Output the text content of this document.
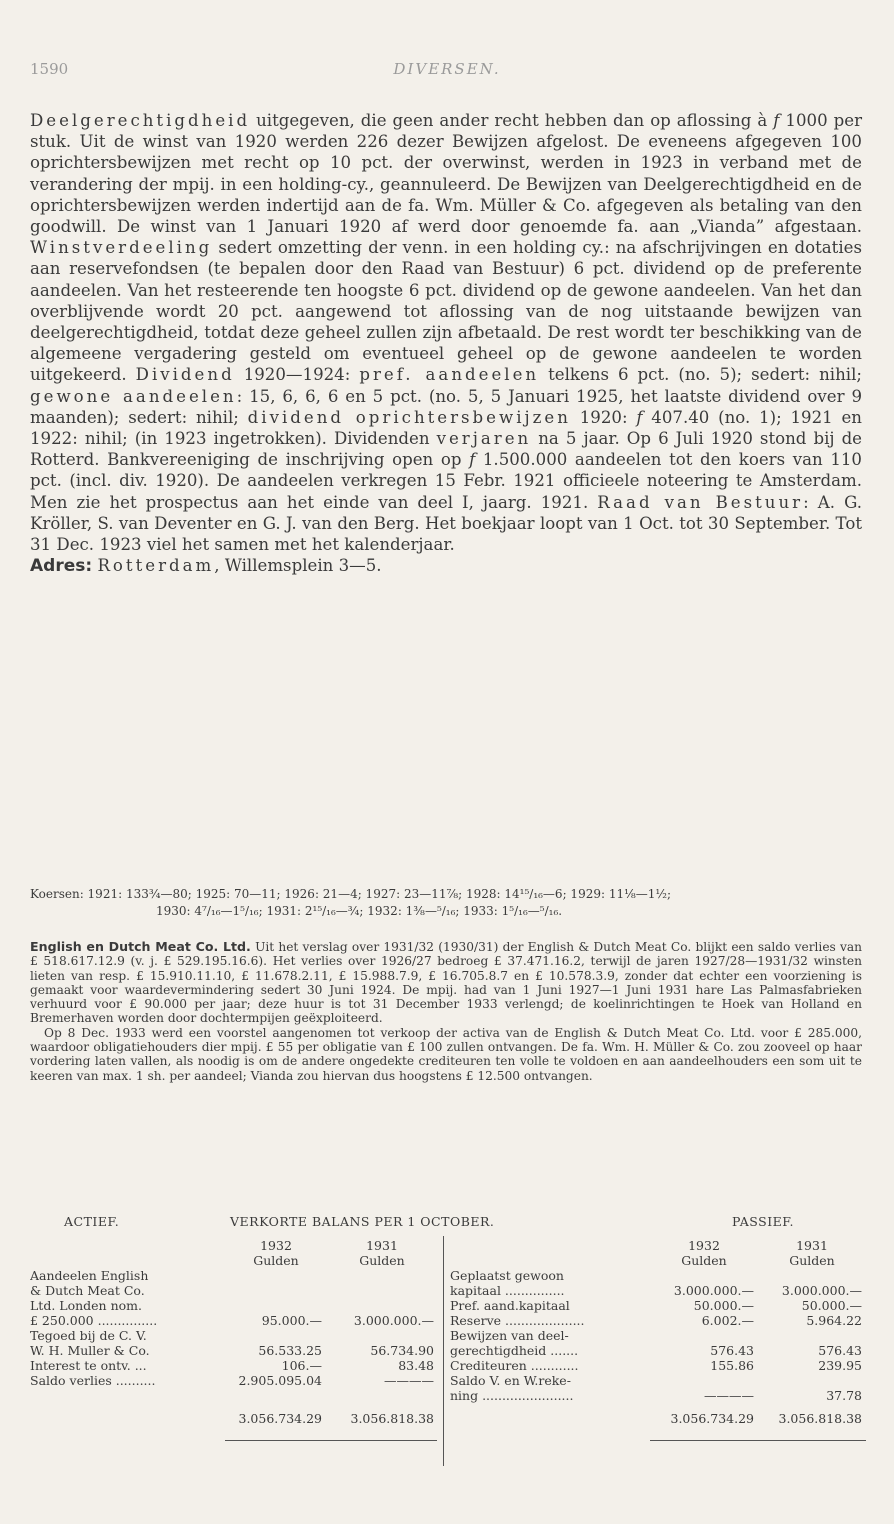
1590	DIVERSEN.

Deelgerechtigdheid uitgegeven, die geen ander recht hebben dan op aflossing à f 1000 per stuk. Uit de winst van 1920 werden 226 dezer Bewijzen afgelost. De eveneens afgegeven 100 oprichtersbewijzen met recht op 10 pct. der overwinst, werden in 1923 in verband met de verandering der mpij. in een holding-cy., geannuleerd. De Bewijzen van Deelgerechtigdheid en de oprichtersbewijzen werden indertijd aan de fa. Wm. Müller & Co. afgegeven als betaling van den goodwill. De winst van 1 Januari 1920 af werd door genoemde fa. aan „Vianda” afgestaan. Winstverdeeling sedert omzetting der venn. in een holding cy.: na afschrijvingen en dotaties aan reservefondsen (te bepalen door den Raad van Bestuur) 6 pct. dividend op de preferente aandeelen. Van het resteerende ten hoogste 6 pct. dividend op de gewone aandeelen. Van het dan overblijvende wordt 20 pct. aangewend tot aflossing van de nog uitstaande bewijzen van deelgerechtigdheid, totdat deze geheel zullen zijn afbetaald. De rest wordt ter beschikking van de algemeene vergadering gesteld om eventueel geheel op de gewone aandeelen te worden uitgekeerd. Dividend 1920—1924: pref. aandeelen telkens 6 pct. (no. 5); sedert: nihil; gewone aandeelen: 15, 6, 6, 6 en 5 pct. (no. 5, 5 Januari 1925, het laatste dividend over 9 maanden); sedert: nihil; dividend oprichtersbewijzen 1920: f 407.40 (no. 1); 1921 en 1922: nihil; (in 1923 ingetrokken). Dividenden verjaren na 5 jaar. Op 6 Juli 1920 stond bij de Rotterd. Bankvereeniging de inschrijving open op f 1.500.000 aandeelen tot den koers van 110 pct. (incl. div. 1920). De aandeelen verkregen 15 Febr. 1921 officieele noteering te Amsterdam. Men zie het prospectus aan het einde van deel I, jaarg. 1921. Raad van Bestuur: A. G. Kröller, S. van Deventer en G. J. van den Berg. Het boekjaar loopt van 1 Oct. tot 30 September. Tot 31 Dec. 1923 viel het samen met het kalenderjaar.

Adres: Rotterdam, Willemsplein 3—5.

Koersen: 1921: 133¾—80; 1925: 70—11; 1926: 21—4; 1927: 23—11⅞; 1928: 14¹⁵/₁₆—6; 1929: 11⅛—1½;
1930: 4⁷/₁₆—1⁵/₁₆; 1931: 2¹⁵/₁₆—¾; 1932: 1⅜—⁵/₁₆; 1933: 1⁵/₁₆—⁵/₁₆.

English en Dutch Meat Co. Ltd. Uit het verslag over 1931/32 (1930/31) der English & Dutch Meat Co. blijkt een saldo verlies van £ 518.617.12.9 (v. j. £ 529.195.16.6). Het verlies over 1926/27 bedroeg £ 37.471.16.2, terwijl de jaren 1927/28—1931/32 winsten lieten van resp. £ 15.910.11.10, £ 11.678.2.11, £ 15.988.7.9, £ 16.705.8.7 en £ 10.578.3.9, zonder dat echter een voorziening is gemaakt voor waardevermindering sedert 30 Juni 1924. De mpij. had van 1 Juni 1927—1 Juni 1931 hare Las Palmasfabrieken verhuurd voor £ 90.000 per jaar; deze huur is tot 31 December 1933 verlengd; de koelinrichtingen te Hoek van Holland en Bremerhaven worden door dochtermpijen geëxploiteerd.

Op 8 Dec. 1933 werd een voorstel aangenomen tot verkoop der activa van de English & Dutch Meat Co. Ltd. voor £ 285.000, waardoor obligatiehouders dier mpij. £ 55 per obligatie van £ 100 zullen ontvangen. De fa. Wm. H. Müller & Co. zou zooveel op haar vordering laten vallen, als noodig is om de andere ongedekte crediteuren ten volle te voldoen en aan aandeelhouders een som uit te keeren van max. 1 sh. per aandeel; Vianda zou hiervan dus hoogstens £ 12.500 ontvangen.

ACTIEF.	VERKORTE BALANS PER 1 OCTOBER.	PASSIEF.
	1932	1931
	Gulden	Gulden
Aandeelen English		
& Dutch Meat Co.		
Ltd. Londen nom.		
£ 250.000 ...............	95.000.—	3.000.000.—
Tegoed bij de C. V.		
W. H. Muller & Co.	56.533.25	56.734.90
Interest te ontv. ...	106.—	83.48
Saldo verlies ..........	2.905.095.04	————

	3.056.734.29	3.056.818.38
	1932	1931
	Gulden	Gulden
Geplaatst gewoon		
kapitaal ...............	3.000.000.—	3.000.000.—
Pref. aand.kapitaal	50.000.—	50.000.—
Reserve ....................	6.002.—	5.964.22
Bewijzen van deel-		
gerechtigdheid .......	576.43	576.43
Crediteuren ............	155.86	239.95
Saldo V. en W.reke-		
ning .......................	————	37.78
	3.056.734.29	3.056.818.38
